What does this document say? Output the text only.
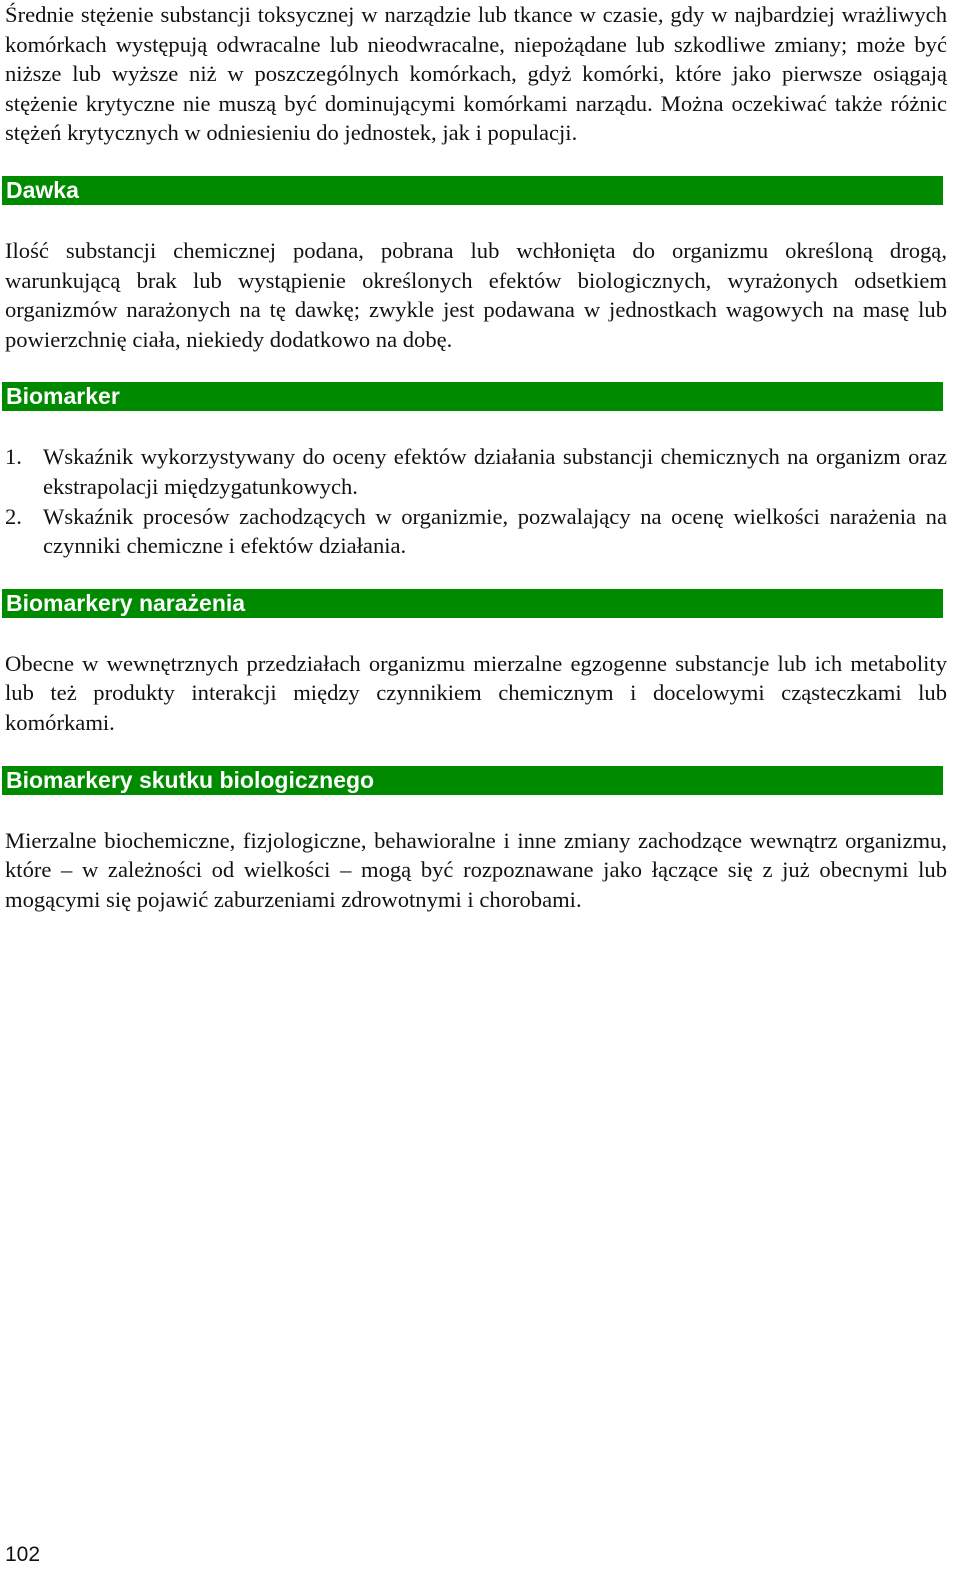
Średnie stężenie substancji toksycznej w narządzie lub tkance w czasie, gdy w najbardziej wrażliwych komórkach występują odwracalne lub nieodwracalne, niepożądane lub szkodliwe zmiany; może być niższe lub wyższe niż w poszczególnych komórkach, gdyż komórki, które jako pierwsze osiągają stężenie krytyczne nie muszą być dominującymi komórkami narządu. Można oczekiwać także różnic stężeń krytycznych w odniesieniu do jednostek, jak i populacji.

Dawka

Ilość substancji chemicznej podana, pobrana lub wchłonięta do organizmu określoną drogą, warunkującą brak lub wystąpienie określonych efektów biologicznych, wyrażonych odsetkiem organizmów narażonych na tę dawkę; zwykle jest podawana w jednostkach wagowych na masę lub powierzchnię ciała, niekiedy dodatkowo na dobę.

Biomarker
1. Wskaźnik wykorzystywany do oceny efektów działania substancji chemicznych na organizm oraz ekstrapolacji międzygatunkowych.
2. Wskaźnik procesów zachodzących w organizmie, pozwalający na ocenę wielkości narażenia na czynniki chemiczne i efektów działania.
Biomarkery narażenia

Obecne w wewnętrznych przedziałach organizmu mierzalne egzogenne substancje lub ich metabolity lub też produkty interakcji między czynnikiem chemicznym i docelowymi cząsteczkami lub komórkami.

Biomarkery skutku biologicznego

Mierzalne biochemiczne, fizjologiczne, behawioralne i inne zmiany zachodzące wewnątrz organizmu, które – w zależności od wielkości – mogą być rozpoznawane jako łączące się z już obecnymi lub mogącymi się pojawić zaburzeniami zdrowotnymi i chorobami.

102
